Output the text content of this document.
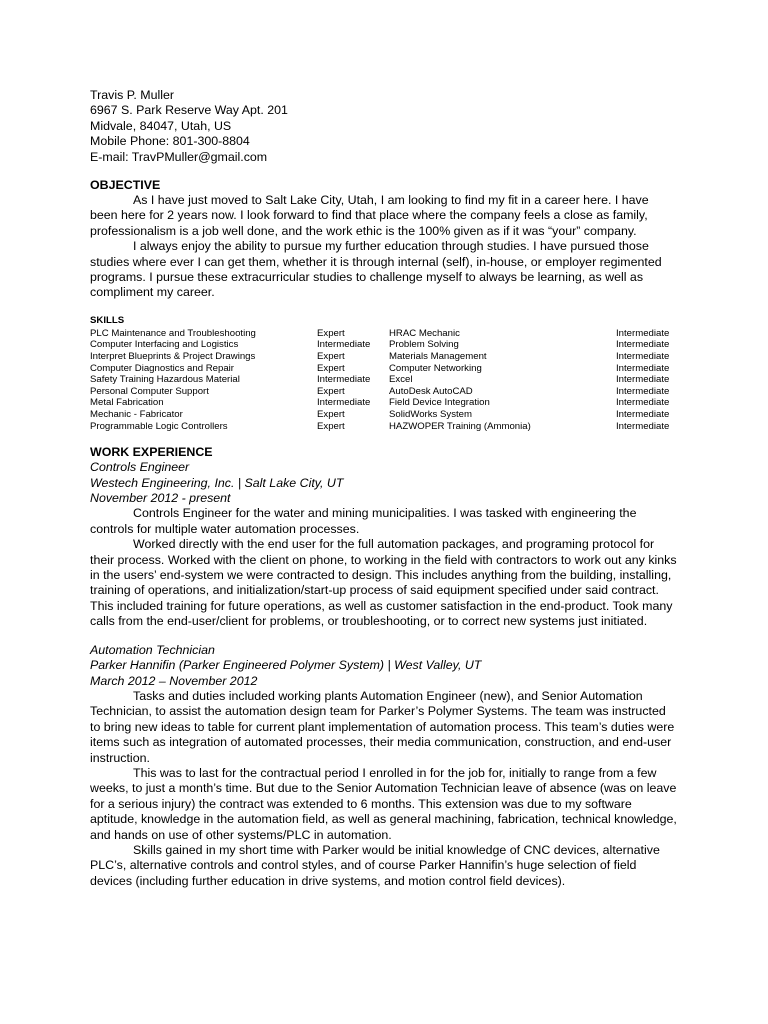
Travis P. Muller
6967 S. Park Reserve Way Apt. 201
Midvale, 84047, Utah, US
Mobile Phone: 801-300-8804
E-mail: TravPMuller@gmail.com

OBJECTIVE

As I have just moved to Salt Lake City, Utah, I am looking to find my fit in a career here. I have been here for 2 years now. I look forward to find that place where the company feels a close as family, professionalism is a job well done, and the work ethic is the 100% given as if it was “your” company.

I always enjoy the ability to pursue my further education through studies. I have pursued those studies where ever I can get them, whether it is through internal (self), in-house, or employer regimented programs. I pursue these extracurricular studies to challenge myself to always be learning, as well as compliment my career.

SKILLS
PLC Maintenance and Troubleshooting	Expert	HRAC Mechanic	Intermediate
Computer Interfacing and Logistics	Intermediate	Problem Solving	Intermediate
Interpret Blueprints & Project Drawings	Expert	Materials Management	Intermediate
Computer Diagnostics and Repair	Expert	Computer Networking	Intermediate
Safety Training Hazardous Material	Intermediate	Excel	Intermediate
Personal Computer Support	Expert	AutoDesk AutoCAD	Intermediate
Metal Fabrication	Intermediate	Field Device Integration	Intermediate
Mechanic - Fabricator	Expert	SolidWorks System	Intermediate
Programmable Logic Controllers	Expert	HAZWOPER Training (Ammonia)	Intermediate

WORK EXPERIENCE

Controls Engineer

Westech Engineering, Inc. | Salt Lake City, UT

November 2012 - present

Controls Engineer for the water and mining municipalities. I was tasked with engineering the controls for multiple water automation processes.

Worked directly with the end user for the full automation packages, and programing protocol for their process. Worked with the client on phone, to working in the field with contractors to work out any kinks in the users’ end-system we were contracted to design. This includes anything from the building, installing, training of operations, and initialization/start-up process of said equipment specified under said contract. This included training for future operations, as well as customer satisfaction in the end-product. Took many calls from the end-user/client for problems, or troubleshooting, or to correct new systems just initiated.

Automation Technician

Parker Hannifin (Parker Engineered Polymer System) | West Valley, UT

March 2012 – November 2012

Tasks and duties included working plants Automation Engineer (new), and Senior Automation Technician, to assist the automation design team for Parker’s Polymer Systems. The team was instructed to bring new ideas to table for current plant implementation of automation process. This team’s duties were items such as integration of automated processes, their media communication, construction, and end-user instruction.

This was to last for the contractual period I enrolled in for the job for, initially to range from a few weeks, to just a month’s time. But due to the Senior Automation Technician leave of absence (was on leave for a serious injury) the contract was extended to 6 months. This extension was due to my software aptitude, knowledge in the automation field, as well as general machining, fabrication, technical knowledge, and hands on use of other systems/PLC in automation.

Skills gained in my short time with Parker would be initial knowledge of CNC devices, alternative PLC’s, alternative controls and control styles, and of course Parker Hannifin’s huge selection of field devices (including further education in drive systems, and motion control field devices).
